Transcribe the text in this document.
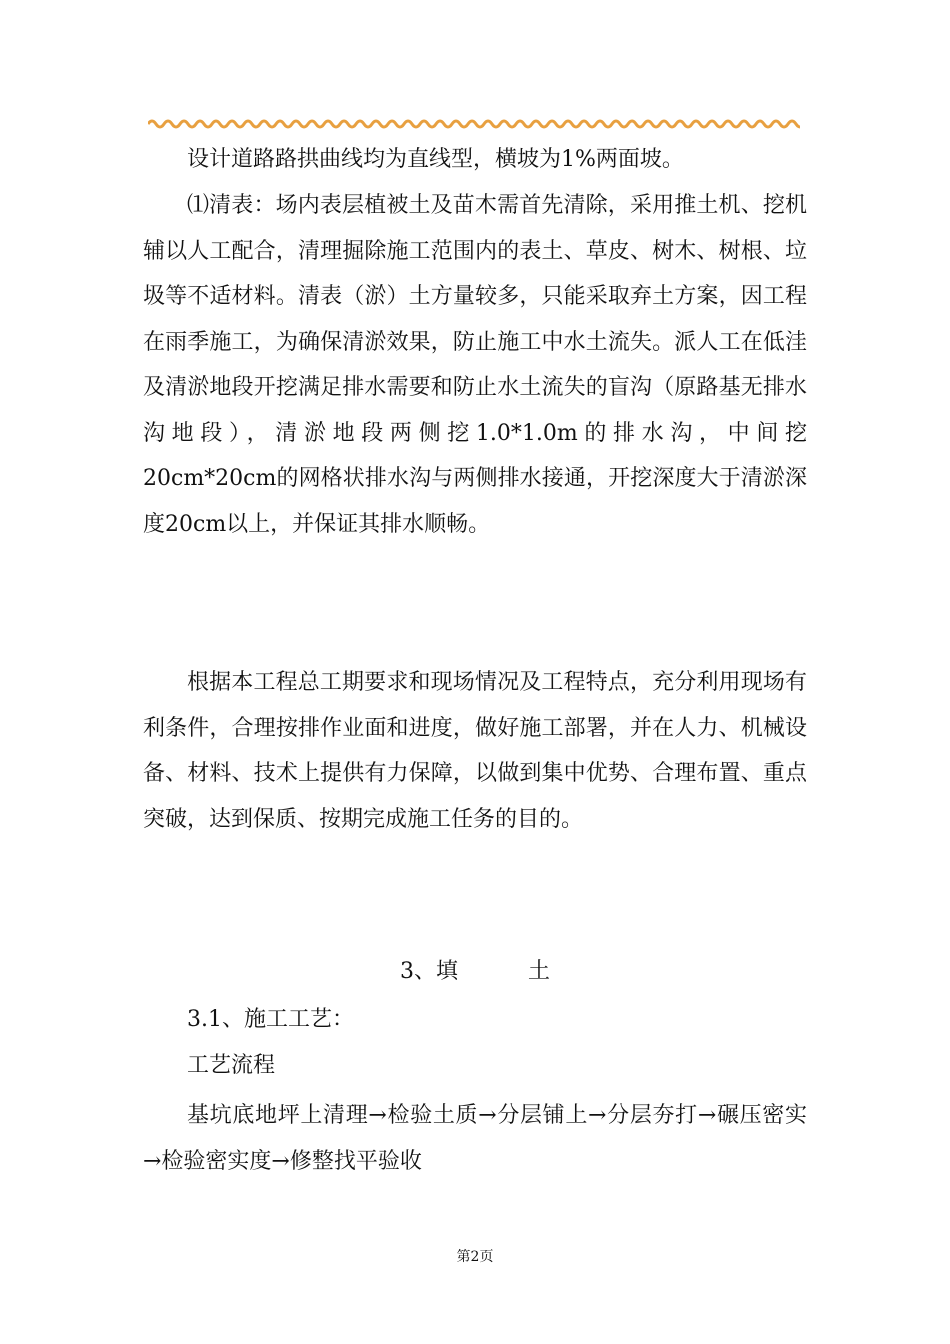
设计道路路拱曲线均为直线型，横坡为1%两面坡。

⑴清表：场内表层植被土及苗木需首先清除，采用推土机、挖机辅以人工配合，清理掘除施工范围内的表土、草皮、树木、树根、垃圾等不适材料。清表（淤）土方量较多，只能采取弃土方案，因工程在雨季施工，为确保清淤效果，防止施工中水土流失。派人工在低洼及清淤地段开挖满足排水需要和防止水土流失的盲沟（原路基无排水沟地段），清淤地段两侧挖1.0*1.0m的排水沟，中间挖20cm*20cm的网格状排水沟与两侧排水接通，开挖深度大于清淤深度20cm以上，并保证其排水顺畅。

根据本工程总工期要求和现场情况及工程特点，充分利用现场有利条件，合理按排作业面和进度，做好施工部署，并在人力、机械设备、材料、技术上提供有力保障，以做到集中优势、合理布置、重点突破，达到保质、按期完成施工任务的目的。

3、填	土

3.1、施工工艺：

工艺流程

基坑底地坪上清理→检验土质→分层铺上→分层夯打→碾压密实→检验密实度→修整找平验收

第2页
